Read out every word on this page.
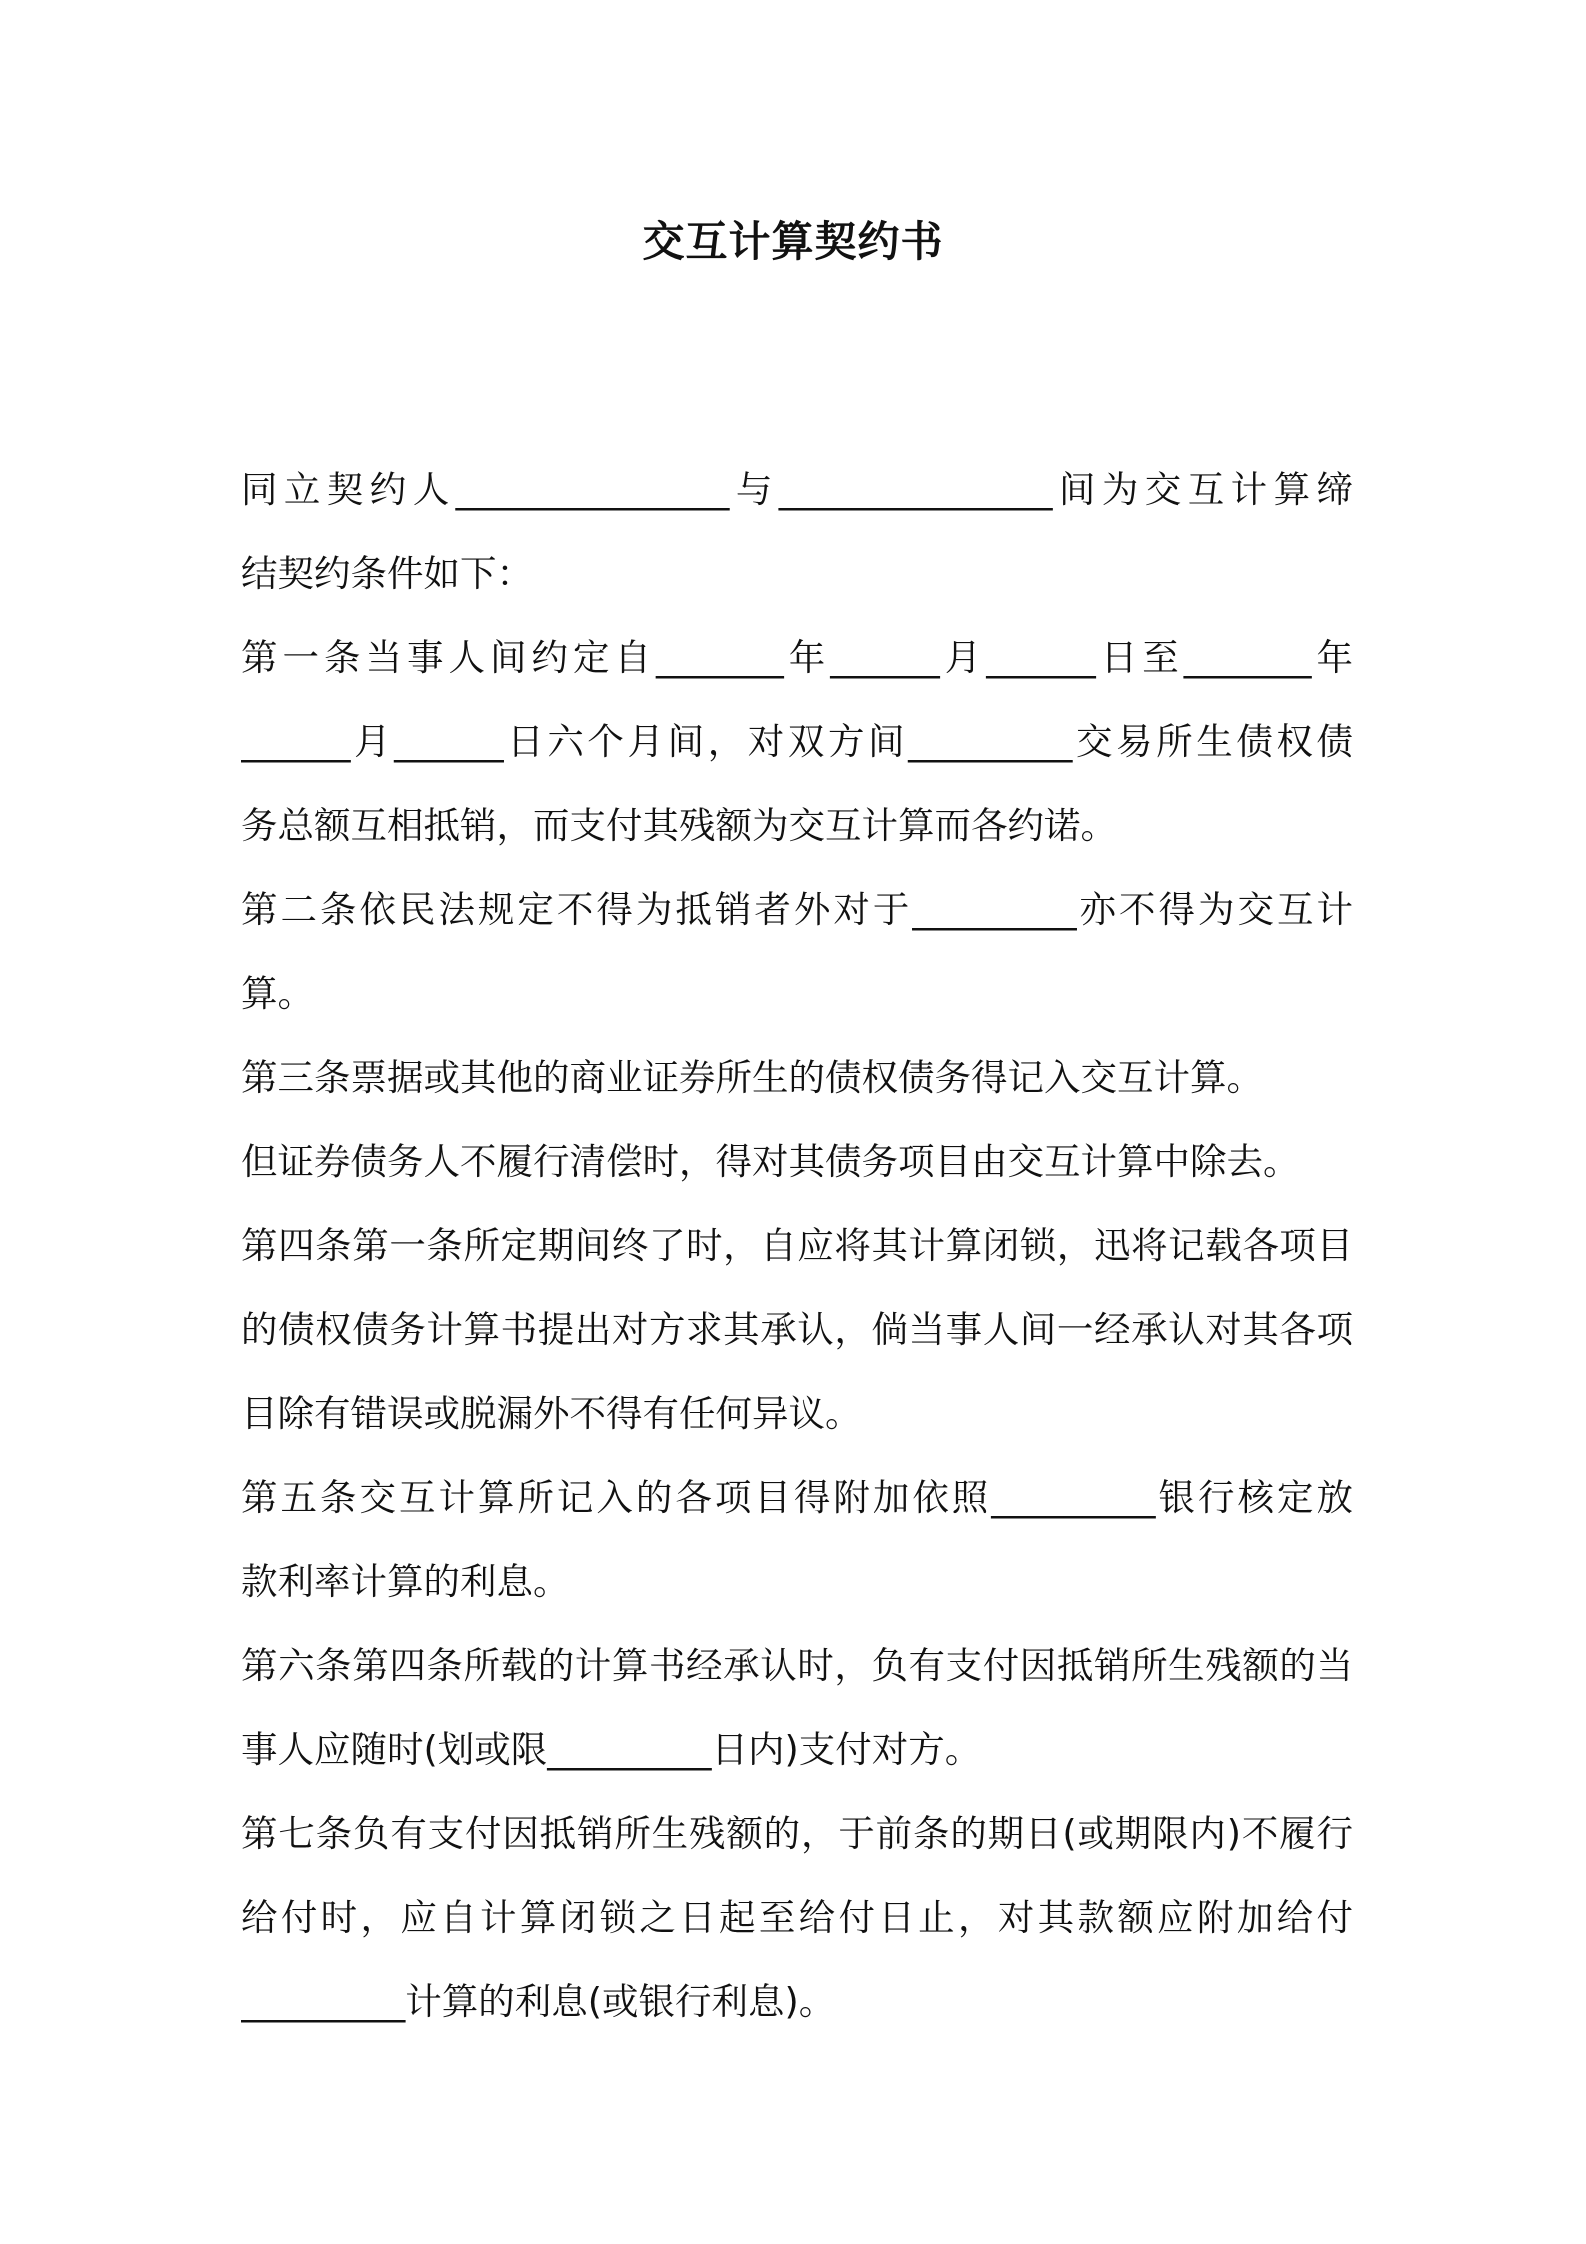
交互计算契约书

同立契约人_______________与_______________间为交互计算缔

结契约条件如下：

第一条当事人间约定自_______年______月______日至_______年

______月______日六个月间，对双方间_________交易所生债权债

务总额互相抵销，而支付其残额为交互计算而各约诺。

第二条依民法规定不得为抵销者外对于_________亦不得为交互计

算。

第三条票据或其他的商业证券所生的债权债务得记入交互计算。

但证券债务人不履行清偿时，得对其债务项目由交互计算中除去。

第四条第一条所定期间终了时，自应将其计算闭锁，迅将记载各项目

的债权债务计算书提出对方求其承认，倘当事人间一经承认对其各项

目除有错误或脱漏外不得有任何异议。

第五条交互计算所记入的各项目得附加依照_________银行核定放

款利率计算的利息。

第六条第四条所载的计算书经承认时，负有支付因抵销所生残额的当

事人应随时(划或限_________日内)支付对方。

第七条负有支付因抵销所生残额的，于前条的期日(或期限内)不履行

给付时，应自计算闭锁之日起至给付日止，对其款额应附加给付

_________计算的利息(或银行利息)。
